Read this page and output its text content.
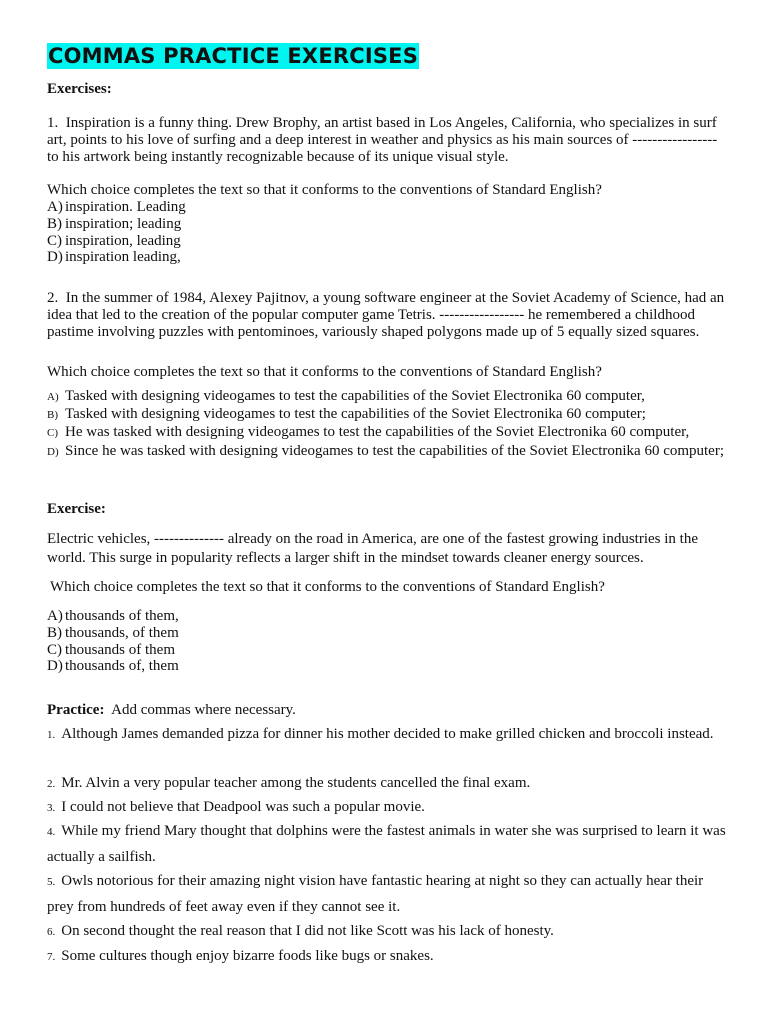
COMMAS PRACTICE EXERCISES
Exercises:
1. Inspiration is a funny thing. Drew Brophy, an artist based in Los Angeles, California, who specializes in surf art, points to his love of surfing and a deep interest in weather and physics as his main sources of ----------------- to his artwork being instantly recognizable because of its unique visual style.
Which choice completes the text so that it conforms to the conventions of Standard English?
A) inspiration. Leading
B) inspiration; leading
C) inspiration, leading
D) inspiration leading,
2. In the summer of 1984, Alexey Pajitnov, a young software engineer at the Soviet Academy of Science, had an idea that led to the creation of the popular computer game Tetris. ----------------- he remembered a childhood pastime involving puzzles with pentominoes, variously shaped polygons made up of 5 equally sized squares.
Which choice completes the text so that it conforms to the conventions of Standard English?
A) Tasked with designing videogames to test the capabilities of the Soviet Electronika 60 computer,
B) Tasked with designing videogames to test the capabilities of the Soviet Electronika 60 computer;
C) He was tasked with designing videogames to test the capabilities of the Soviet Electronika 60 computer,
D) Since he was tasked with designing videogames to test the capabilities of the Soviet Electronika 60 computer;
Exercise:
Electric vehicles, -------------- already on the road in America, are one of the fastest growing industries in the world. This surge in popularity reflects a larger shift in the mindset towards cleaner energy sources.
Which choice completes the text so that it conforms to the conventions of Standard English?
A) thousands of them,
B) thousands, of them
C) thousands of them
D) thousands of, them
Practice: Add commas where necessary.
1. Although James demanded pizza for dinner his mother decided to make grilled chicken and broccoli instead.
2. Mr. Alvin a very popular teacher among the students cancelled the final exam.
3. I could not believe that Deadpool was such a popular movie.
4. While my friend Mary thought that dolphins were the fastest animals in water she was surprised to learn it was actually a sailfish.
5. Owls notorious for their amazing night vision have fantastic hearing at night so they can actually hear their prey from hundreds of feet away even if they cannot see it.
6. On second thought the real reason that I did not like Scott was his lack of honesty.
7. Some cultures though enjoy bizarre foods like bugs or snakes.
